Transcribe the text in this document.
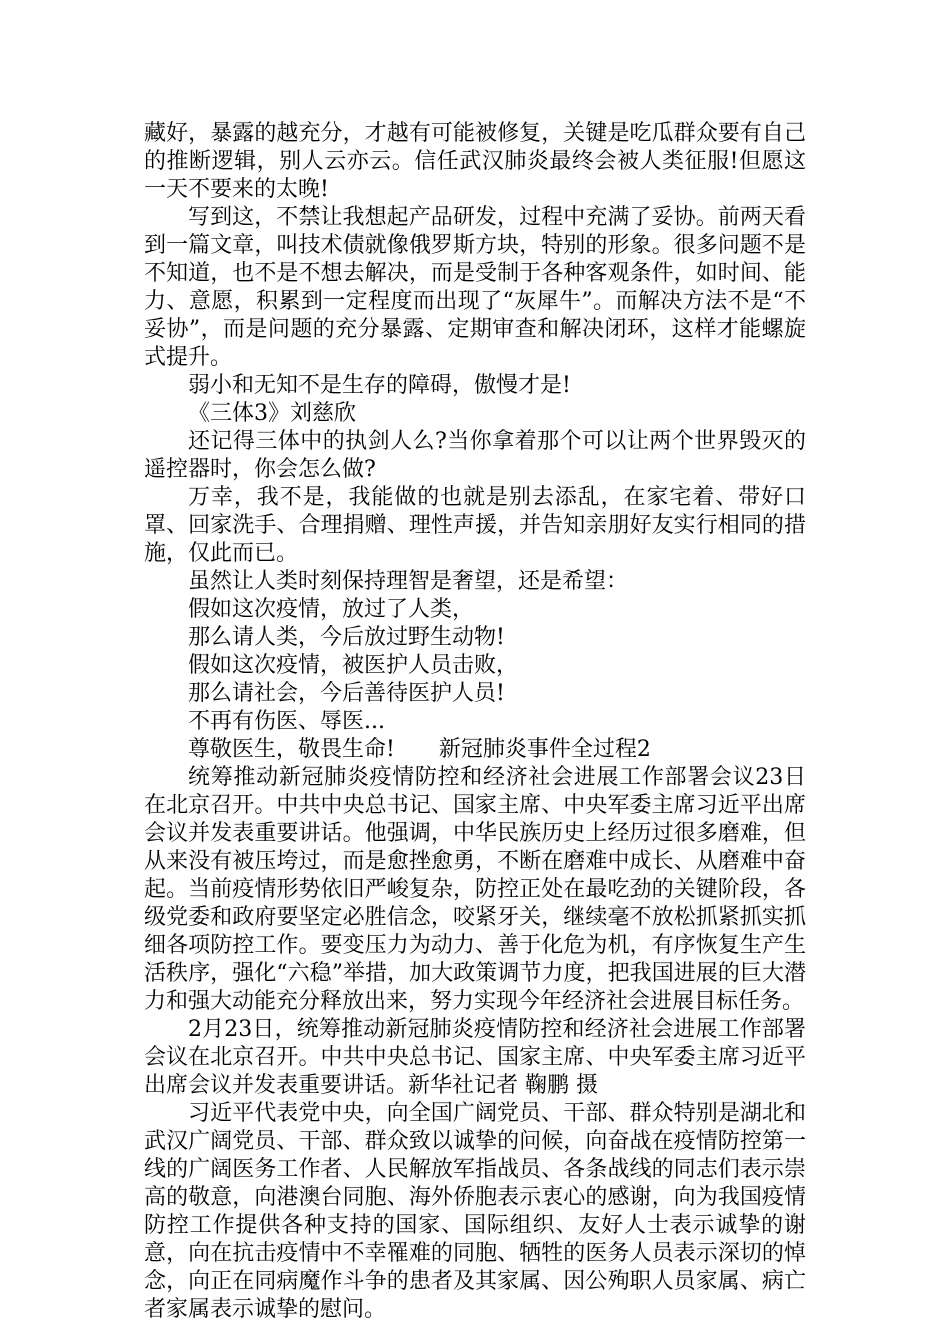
藏好，暴露的越充分，才越有可能被修复，关键是吃瓜群众要有自己的推断逻辑，别人云亦云。信任武汉肺炎最终会被人类征服!但愿这一天不要来的太晚!

写到这，不禁让我想起产品研发，过程中充满了妥协。前两天看到一篇文章，叫技术债就像俄罗斯方块，特别的形象。很多问题不是不知道，也不是不想去解决，而是受制于各种客观条件，如时间、能力、意愿，积累到一定程度而出现了“灰犀牛”。而解决方法不是“不妥协”，而是问题的充分暴露、定期审查和解决闭环，这样才能螺旋式提升。

弱小和无知不是生存的障碍，傲慢才是!

《三体3》刘慈欣

还记得三体中的执剑人么?当你拿着那个可以让两个世界毁灭的遥控器时，你会怎么做?

万幸，我不是，我能做的也就是别去添乱，在家宅着、带好口罩、回家洗手、合理捐赠、理性声援，并告知亲朋好友实行相同的措施，仅此而已。

虽然让人类时刻保持理智是奢望，还是希望：

假如这次疫情，放过了人类，

那么请人类，今后放过野生动物!

假如这次疫情，被医护人员击败，

那么请社会，今后善待医护人员!

不再有伤医、辱医...

尊敬医生，敬畏生命! 新冠肺炎事件全过程2

统筹推动新冠肺炎疫情防控和经济社会进展工作部署会议23日在北京召开。中共中央总书记、国家主席、中央军委主席习近平出席会议并发表重要讲话。他强调，中华民族历史上经历过很多磨难，但从来没有被压垮过，而是愈挫愈勇，不断在磨难中成长、从磨难中奋起。当前疫情形势依旧严峻复杂，防控正处在最吃劲的关键阶段，各级党委和政府要坚定必胜信念，咬紧牙关，继续毫不放松抓紧抓实抓细各项防控工作。要变压力为动力、善于化危为机，有序恢复生产生活秩序，强化“六稳”举措，加大政策调节力度，把我国进展的巨大潜力和强大动能充分释放出来，努力实现今年经济社会进展目标任务。

2月23日，统筹推动新冠肺炎疫情防控和经济社会进展工作部署会议在北京召开。中共中央总书记、国家主席、中央军委主席习近平出席会议并发表重要讲话。新华社记者 鞠鹏 摄

习近平代表党中央，向全国广阔党员、干部、群众特别是湖北和武汉广阔党员、干部、群众致以诚挚的问候，向奋战在疫情防控第一线的广阔医务工作者、人民解放军指战员、各条战线的同志们表示崇高的敬意，向港澳台同胞、海外侨胞表示衷心的感谢，向为我国疫情防控工作提供各种支持的国家、国际组织、友好人士表示诚挚的谢意，向在抗击疫情中不幸罹难的同胞、牺牲的医务人员表示深切的悼念，向正在同病魔作斗争的患者及其家属、因公殉职人员家属、病亡者家属表示诚挚的慰问。
